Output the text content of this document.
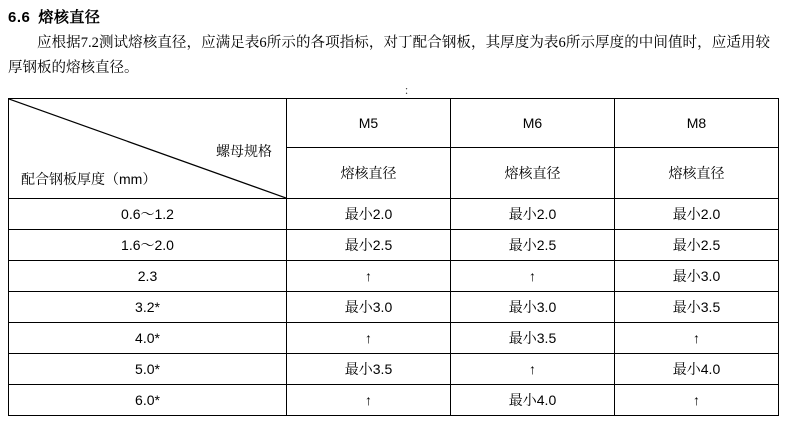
6.6 熔核直径
应根据7.2测试熔核直径，应满足表6所示的各项指标，对丁配合钢板，其厚度为表6所示厚度的中间值时，应适用较厚钢板的熔核直径。
：
螺母规格
配合钢板厚度（mm）	M5	M6	M8
	熔核直径	熔核直径	熔核直径
0.6～1.2	最小2.0	最小2.0	最小2.0
1.6～2.0	最小2.5	最小2.5	最小2.5
2.3	↑	↑	最小3.0
3.2*	最小3.0	最小3.0	最小3.5
4.0*	↑	最小3.5	↑
5.0*	最小3.5	↑	最小4.0
6.0*	↑	最小4.0	↑
